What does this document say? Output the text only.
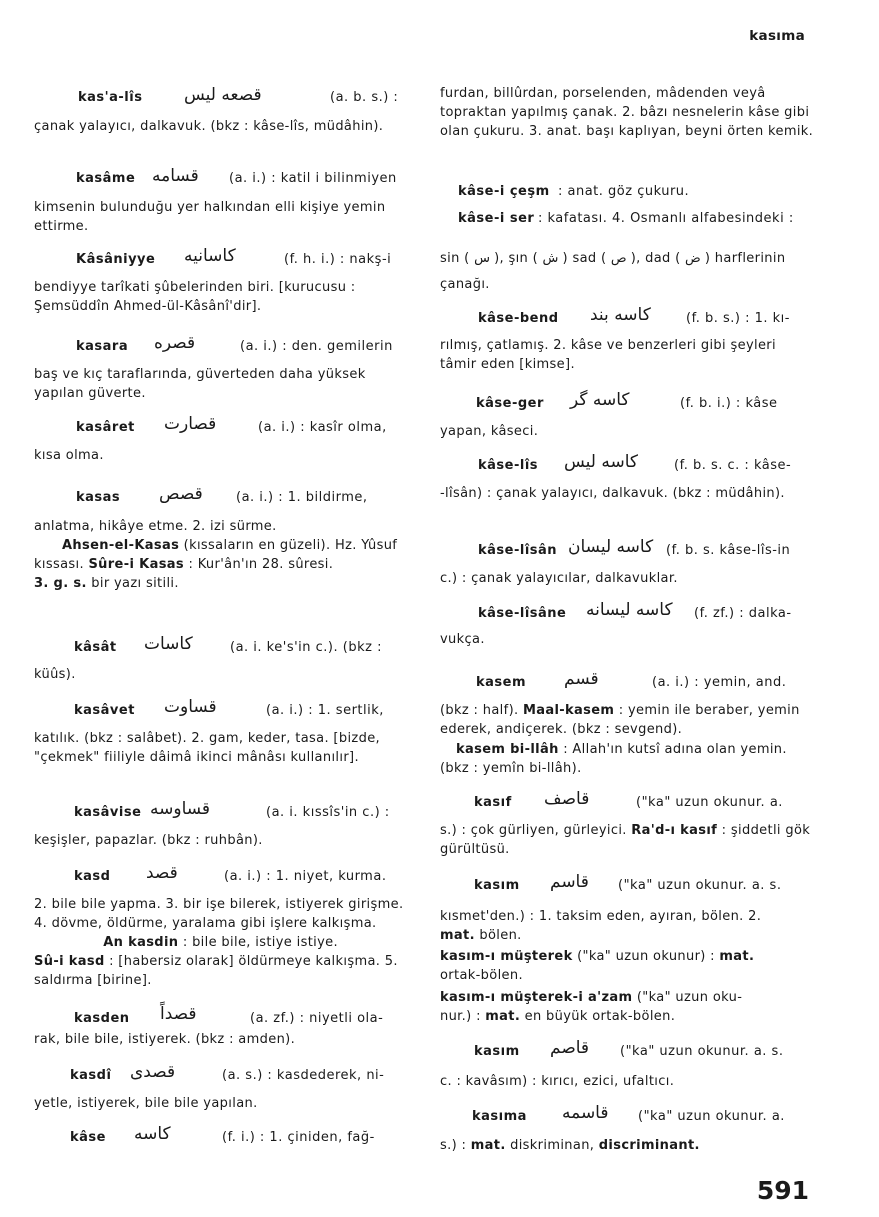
kasıma
kas'a-lîs قصعه ليس	(a. b. s.) :

çanak yalayıcı, dalkavuk. (bkz : kâse-lîs, müdâhin).

kasâme قسامه (a. i.) : katil i bilinmiyen

kimsenin bulunduğu yer halkından elli kişiye yemin ettirme.

Kâsâniyye کاسانیه	(f. h. i.) : nakş-i

bendiyye tarîkati şûbelerinden biri. [kurucusu : Şemsüddîn Ahmed-ül-Kâsânî'dir].

kasara قصره	(a. i.) : den. gemilerin

baş ve kıç taraflarında, güverteden daha yüksek yapılan güverte.

kasâret قصارت	(a. i.) : kasîr olma,

kısa olma.

kasas قصص	(a. i.) : 1. bildirme,

anlatma, hikâye etme. 2. izi sürme.

Ahsen-el-Kasas (kıssaların en güzeli). Hz. Yûsuf kıssası. Sûre-i Kasas : Kur'ân'ın 28. sûresi.

3. g. s. bir yazı sitili.

kâsât کاسات	(a. i. ke's'in c.). (bkz :

küûs).

kasâvet قساوت	(a. i.) : 1. sertlik,

katılık. (bkz : salâbet). 2. gam, keder, tasa. [bizde, "çekmek" fiiliyle dâimâ ikinci mânâsı kullanılır].

kasâvise قساوسه	(a. i. kıssîs'in c.) :

keşişler, papazlar. (bkz : ruhbân).

kasd قصد	(a. i.) : 1. niyet, kurma.

2. bile bile yapma. 3. bir işe bilerek, istiyerek girişme. 4. dövme, öldürme, yaralama gibi işlere kalkışma.

An kasdin : bile bile, istiye istiye.

Sû-i kasd : [habersiz olarak] öldürmeye kalkışma. 5. saldırma [birine].

kasden قصداً	(a. zf.) : niyetli ola-

rak, bile bile, istiyerek. (bkz : amden).

kasdî قصدى	(a. s.) : kasdederek, ni-

yetle, istiyerek, bile bile yapılan.

kâse کاسه	(f. i.) : 1. çiniden, fağ-

furdan, billûrdan, porselenden, mâdenden veyâ topraktan yapılmış çanak. 2. bâzı nesnelerin kâse gibi olan çukuru. 3. anat. başı kaplıyan, beyni örten kemik.

kâse-i çeşm : anat. göz çukuru.
kâse-i ser : kafatası. 4. Osmanlı alfabesindeki :

sin ( س ), şın ( ش ) sad ( ص ), dad ( ض ) harflerinin çanağı.

kâse-bend کاسه بند	(f. b. s.) : 1. kı-

rılmış, çatlamış. 2. kâse ve benzerleri gibi şeyleri tâmir eden [kimse].

kâse-ger کاسه گر	(f. b. i.) : kâse

yapan, kâseci.

kâse-lîs کاسه لیس	(f. b. s. c. : kâse-

-lîsân) : çanak yalayıcı, dalkavuk. (bkz : müdâhin).

kâse-lîsân کاسه لیسان (f. b. s. kâse-lîs-in

c.) : çanak yalayıcılar, dalkavuklar.

kâse-lîsâne کاسه لیسانه (f. zf.) : dalka-

vukça.

kasem قسم	(a. i.) : yemin, and.

(bkz : half). Maal-kasem : yemin ile beraber, yemin ederek, andiçerek. (bkz : sevgend).

kasem bi-llâh : Allah'ın kutsî adına olan yemin. (bkz : yemîn bi-llâh).

kasıf قاصف	("ka" uzun okunur. a.

s.) : çok gürliyen, gürleyici. Ra'd-ı kasıf : şiddetli gök gürültüsü.

kasım قاسم ("ka" uzun okunur. a. s.

kısmet'den.) : 1. taksim eden, ayıran, bölen. 2.

mat. bölen.

kasım-ı müşterek ("ka" uzun okunur) : mat.

ortak-bölen.

kasım-ı müşterek-i a'zam ("ka" uzun oku-

nur.) : mat. en büyük ortak-bölen.

kasım قاصم ("ka" uzun okunur. a. s.

c. : kavâsım) : kırıcı, ezici, ufaltıcı.

kasıma قاسمه ("ka" uzun okunur. a.

s.) : mat. diskriminan, discriminant.

591
